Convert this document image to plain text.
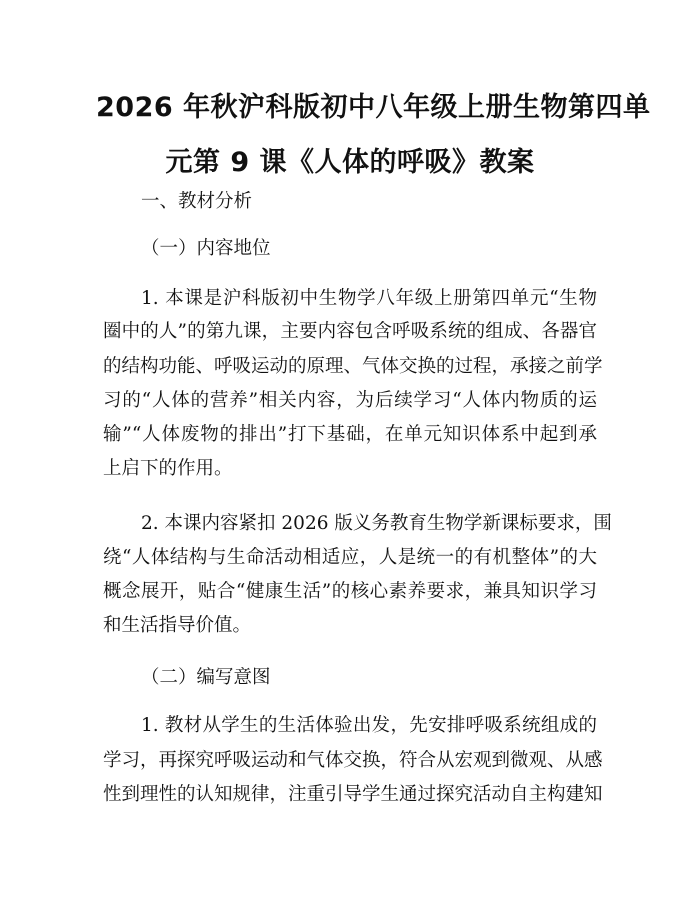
2026 年秋沪科版初中八年级上册生物第四单
元第 9 课《人体的呼吸》教案
一、教材分析
（一）内容地位
1. 本课是沪科版初中生物学八年级上册第四单元“生物
圈中的人”的第九课，主要内容包含呼吸系统的组成、各器官
的结构功能、呼吸运动的原理、气体交换的过程，承接之前学
习的“人体的营养”相关内容，为后续学习“人体内物质的运
输”“人体废物的排出”打下基础，在单元知识体系中起到承
上启下的作用。
2. 本课内容紧扣 2026 版义务教育生物学新课标要求，围
绕“人体结构与生命活动相适应，人是统一的有机整体”的大
概念展开，贴合“健康生活”的核心素养要求，兼具知识学习
和生活指导价值。
（二）编写意图
1. 教材从学生的生活体验出发，先安排呼吸系统组成的
学习，再探究呼吸运动和气体交换，符合从宏观到微观、从感
性到理性的认知规律，注重引导学生通过探究活动自主构建知
